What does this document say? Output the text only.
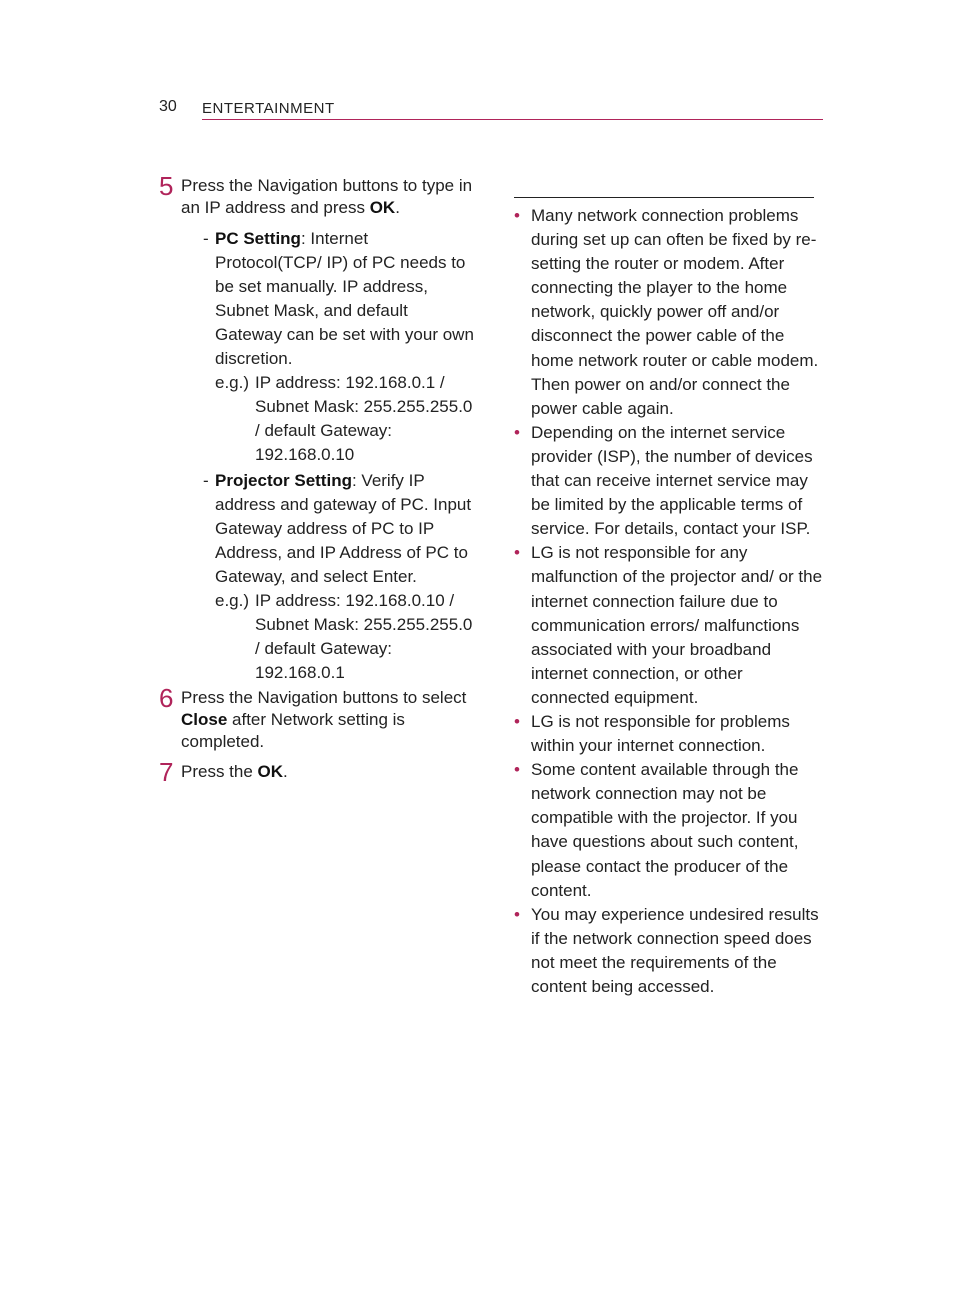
30 ENTERTAINMENT
5 Press the Navigation buttons to type in an IP address and press OK.
- PC Setting: Internet Protocol(TCP/ IP) of PC needs to be set manually. IP address, Subnet Mask, and default Gateway can be set with your own discretion.
e.g.) IP address: 192.168.0.1 / Subnet Mask: 255.255.255.0 / default Gateway: 192.168.0.10
- Projector Setting: Verify IP address and gateway of PC. Input Gateway address of PC to IP Address, and IP Address of PC to Gateway, and select Enter.
e.g.) IP address: 192.168.0.10 / Subnet Mask: 255.255.255.0 / default Gateway: 192.168.0.1
6 Press the Navigation buttons to select Close after Network setting is completed.
7 Press the OK.
• Many network connection problems during set up can often be fixed by re-setting the router or modem. After connecting the player to the home network, quickly power off and/or disconnect the power cable of the home network router or cable modem. Then power on and/or connect the power cable again.
• Depending on the internet service provider (ISP), the number of devices that can receive internet service may be limited by the applicable terms of service. For details, contact your ISP.
• LG is not responsible for any malfunction of the projector and/ or the internet connection failure due to communication errors/ malfunctions associated with your broadband internet connection, or other connected equipment.
• LG is not responsible for problems within your internet connection.
• Some content available through the network connection may not be compatible with the projector. If you have questions about such content, please contact the producer of the content.
• You may experience undesired results if the network connection speed does not meet the requirements of the content being accessed.
